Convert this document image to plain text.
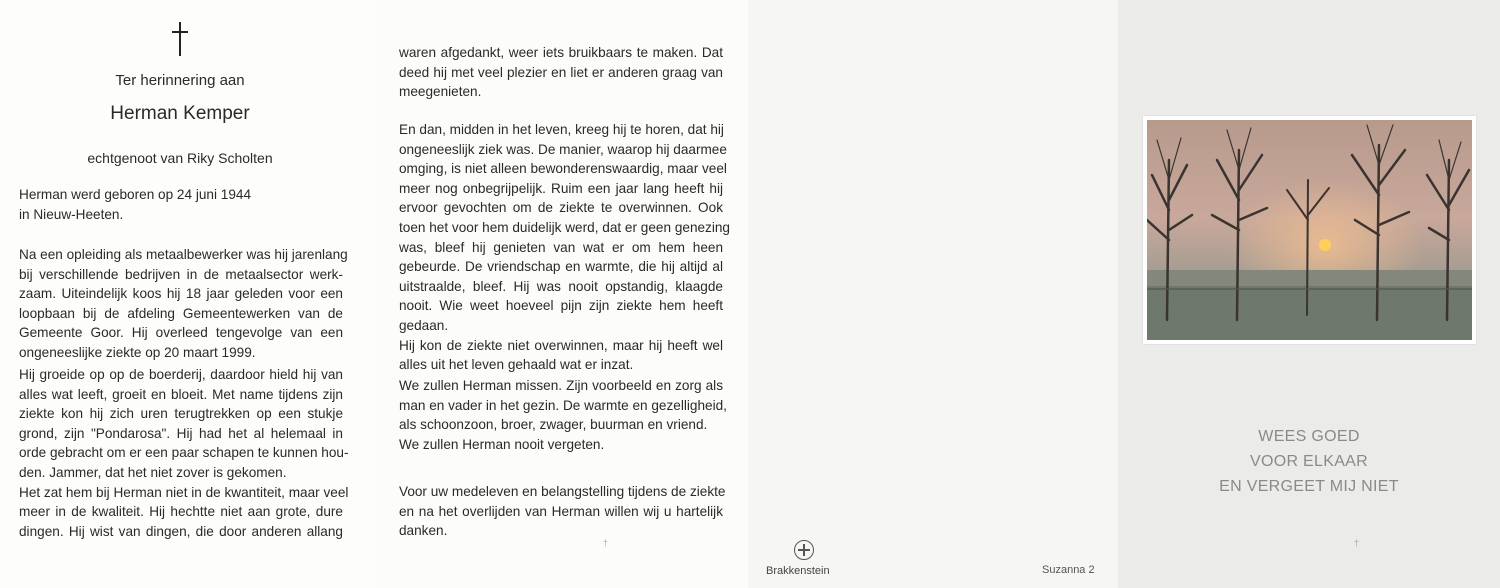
Ter herinnering aan
Herman Kemper
echtgenoot van Riky Scholten
Herman werd geboren op 24 juni 1944
in Nieuw-Heeten.
Na een opleiding als metaalbewerker was hij jarenlang
bij verschillende bedrijven in de metaalsector werk-
zaam. Uiteindelijk koos hij 18 jaar geleden voor een
loopbaan bij de afdeling Gemeentewerken van de
Gemeente Goor. Hij overleed tengevolge van een
ongeneeslijke ziekte op 20 maart 1999.
Hij groeide op op de boerderij, daardoor hield hij van
alles wat leeft, groeit en bloeit. Met name tijdens zijn
ziekte kon hij zich uren terugtrekken op een stukje
grond, zijn "Pondarosa". Hij had het al helemaal in
orde gebracht om er een paar schapen te kunnen hou-
den. Jammer, dat het niet zover is gekomen.
Het zat hem bij Herman niet in de kwantiteit, maar veel
meer in de kwaliteit. Hij hechtte niet aan grote, dure
dingen. Hij wist van dingen, die door anderen allang
waren afgedankt, weer iets bruikbaars te maken. Dat
deed hij met veel plezier en liet er anderen graag van
meegenieten.
En dan, midden in het leven, kreeg hij te horen, dat hij
ongeneeslijk ziek was. De manier, waarop hij daarmee
omging, is niet alleen bewonderenswaardig, maar veel
meer nog onbegrijpelijk. Ruim een jaar lang heeft hij
ervoor gevochten om de ziekte te overwinnen. Ook
toen het voor hem duidelijk werd, dat er geen genezing
was, bleef hij genieten van wat er om hem heen
gebeurde. De vriendschap en warmte, die hij altijd al
uitstraalde, bleef. Hij was nooit opstandig, klaagde
nooit. Wie weet hoeveel pijn zijn ziekte hem heeft
gedaan.
Hij kon de ziekte niet overwinnen, maar hij heeft wel
alles uit het leven gehaald wat er inzat.
We zullen Herman missen. Zijn voorbeeld en zorg als
man en vader in het gezin. De warmte en gezelligheid,
als schoonzoon, broer, zwager, buurman en vriend.
We zullen Herman nooit vergeten.
Voor uw medeleven en belangstelling tijdens de ziekte
en na het overlijden van Herman willen wij u hartelijk
danken.
†
Brakkenstein	Suzanna 2
WEES GOED
VOOR ELKAAR
EN VERGEET MIJ NIET
†
